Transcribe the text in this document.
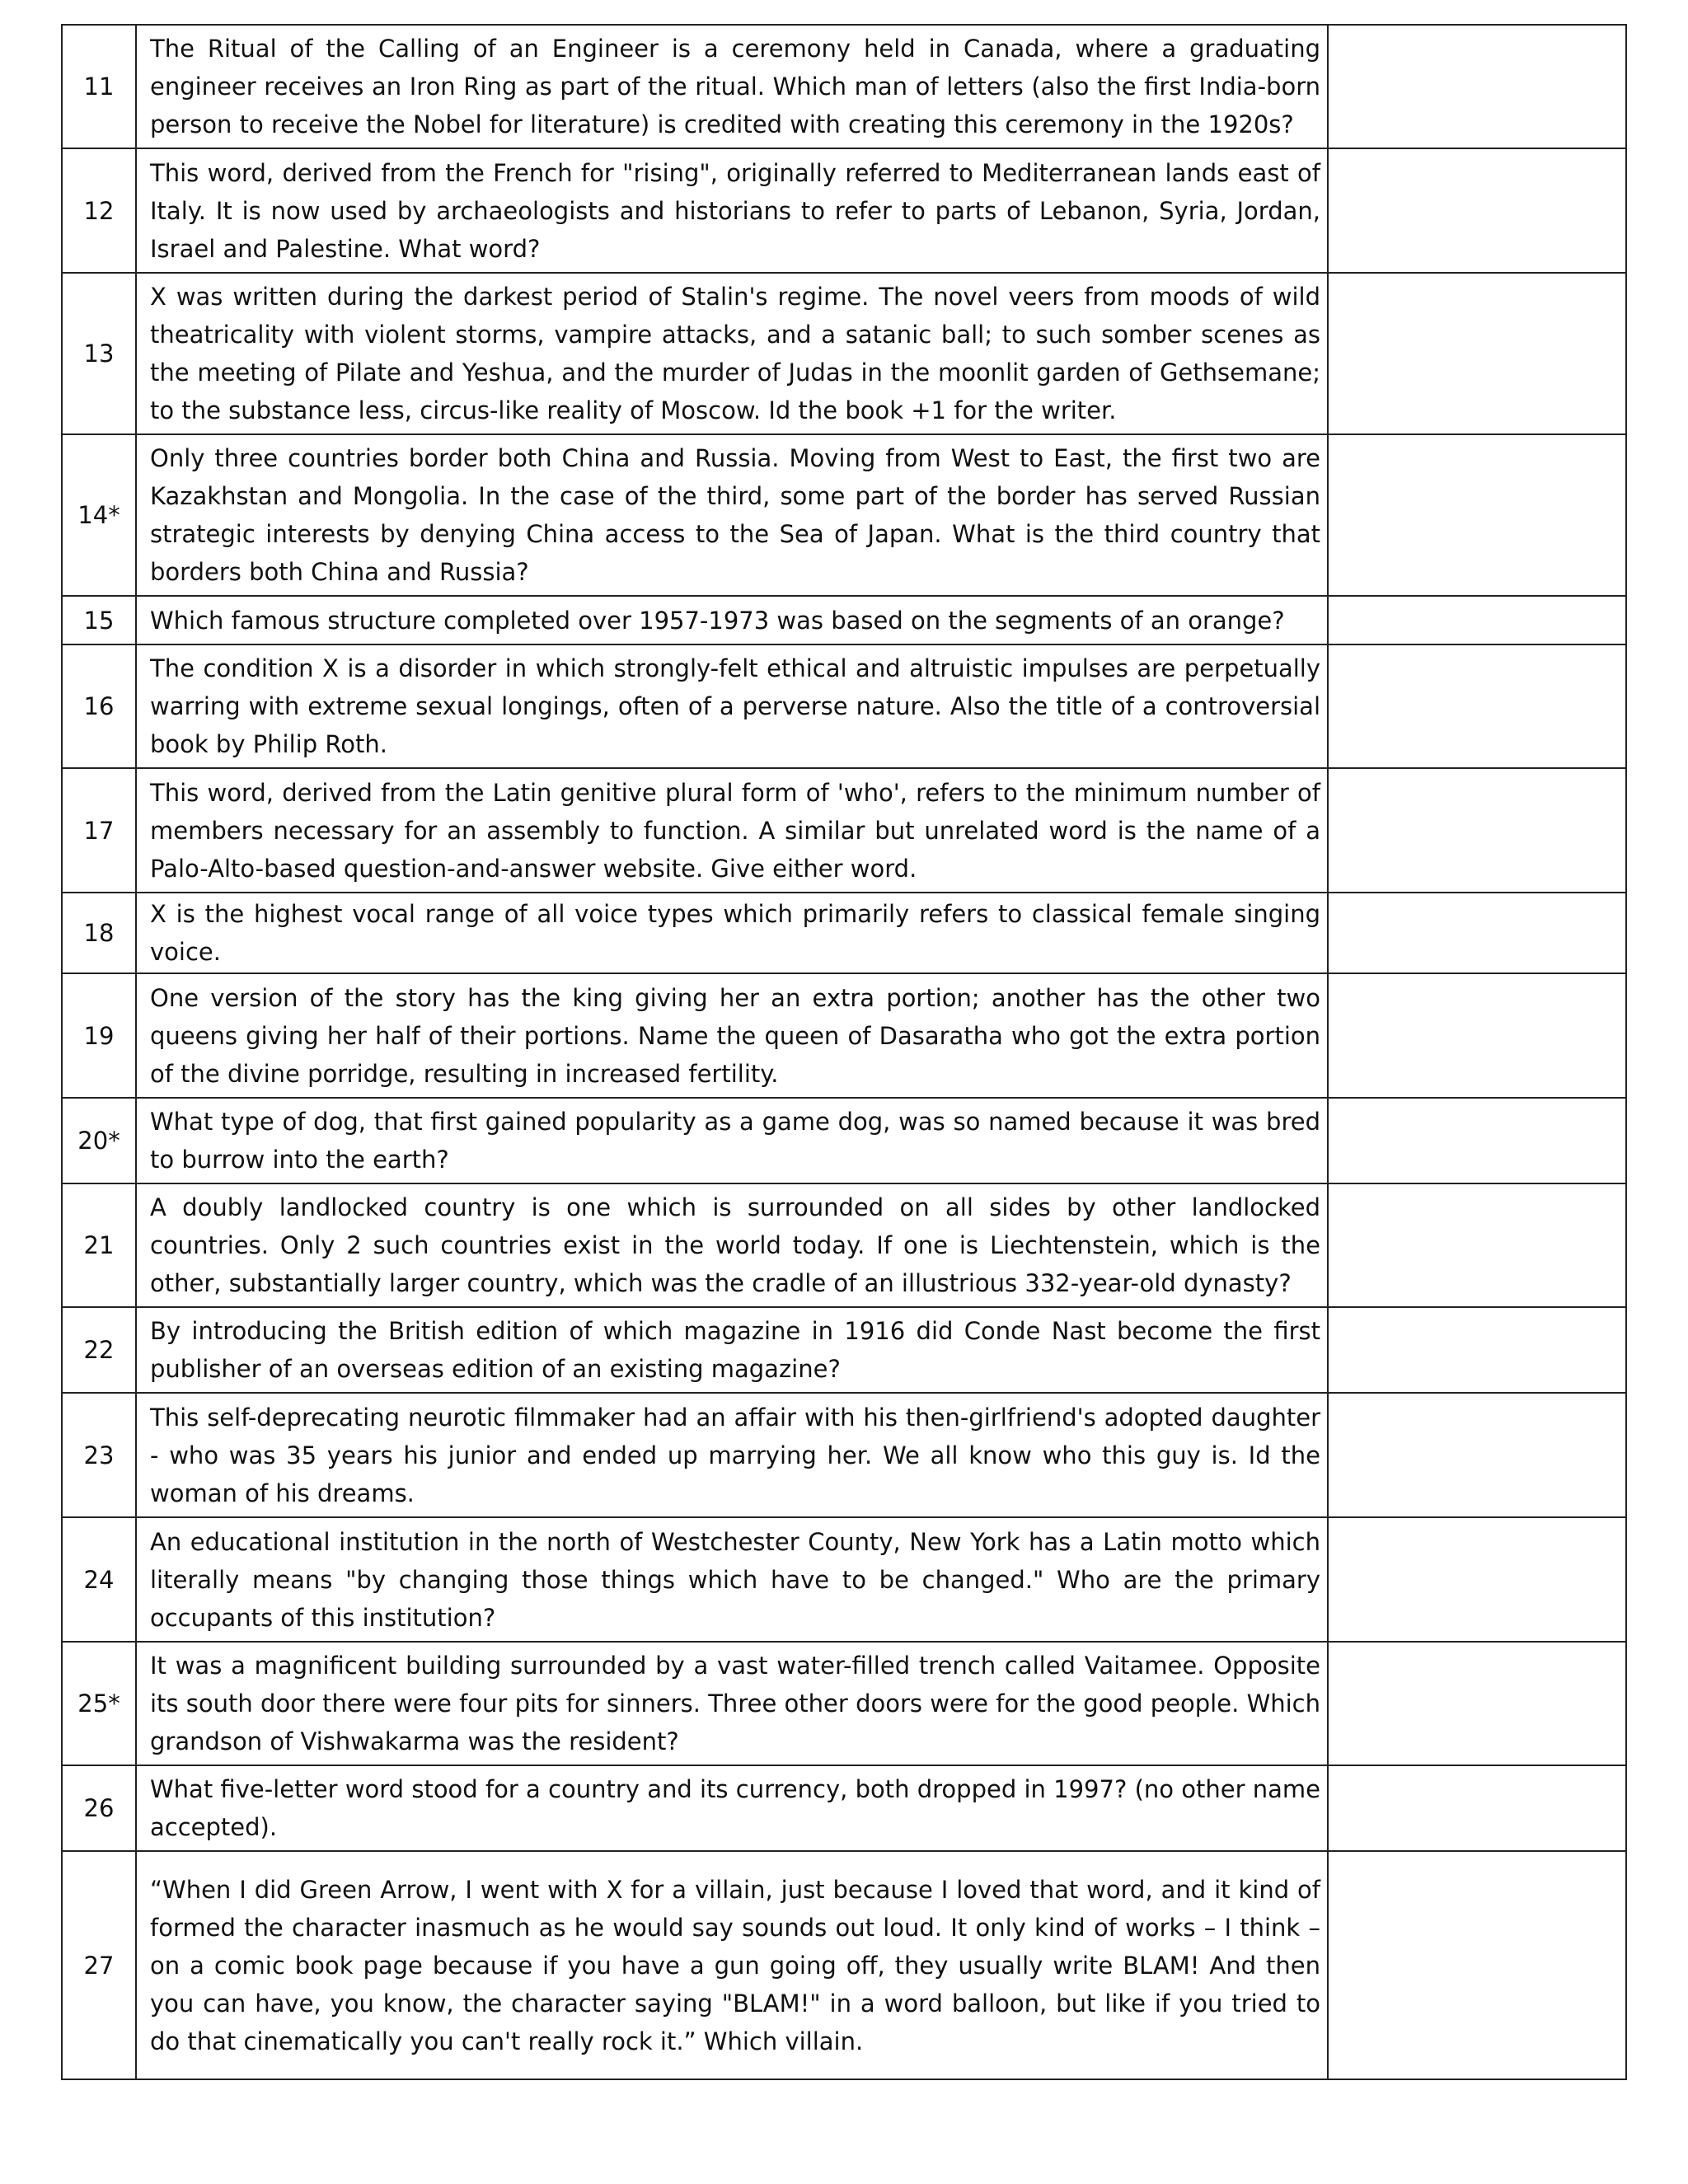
11	The Ritual of the Calling of an Engineer is a ceremony held in Canada, where a graduating engineer receives an Iron Ring as part of the ritual. Which man of letters (also the first India-born person to receive the Nobel for literature) is credited with creating this ceremony in the 1920s?	
12	This word, derived from the French for "rising", originally referred to Mediterranean lands east of Italy. It is now used by archaeologists and historians to refer to parts of Lebanon, Syria, Jordan, Israel and Palestine. What word?	
13	X was written during the darkest period of Stalin's regime. The novel veers from moods of wild theatricality with violent storms, vampire attacks, and a satanic ball; to such somber scenes as the meeting of Pilate and Yeshua, and the murder of Judas in the moonlit garden of Gethsemane; to the substance less, circus-like reality of Moscow. Id the book +1 for the writer.	
14*	Only three countries border both China and Russia. Moving from West to East, the first two are Kazakhstan and Mongolia. In the case of the third, some part of the border has served Russian strategic interests by denying China access to the Sea of Japan. What is the third country that borders both China and Russia?	
15	Which famous structure completed over 1957-1973 was based on the segments of an orange?	
16	The condition X is a disorder in which strongly-felt ethical and altruistic impulses are perpetually warring with extreme sexual longings, often of a perverse nature. Also the title of a controversial book by Philip Roth.	
17	This word, derived from the Latin genitive plural form of 'who', refers to the minimum number of members necessary for an assembly to function. A similar but unrelated word is the name of a Palo-Alto-based question-and-answer website. Give either word.	
18	X is the highest vocal range of all voice types which primarily refers to classical female singing voice.	
19	One version of the story has the king giving her an extra portion; another has the other two queens giving her half of their portions. Name the queen of Dasaratha who got the extra portion of the divine porridge, resulting in increased fertility.	
20*	What type of dog, that first gained popularity as a game dog, was so named because it was bred to burrow into the earth?	
21	A doubly landlocked country is one which is surrounded on all sides by other landlocked countries. Only 2 such countries exist in the world today. If one is Liechtenstein, which is the other, substantially larger country, which was the cradle of an illustrious 332-year-old dynasty?	
22	By introducing the British edition of which magazine in 1916 did Conde Nast become the first publisher of an overseas edition of an existing magazine?	
23	This self-deprecating neurotic filmmaker had an affair with his then-girlfriend's adopted daughter - who was 35 years his junior and ended up marrying her. We all know who this guy is. Id the woman of his dreams.	
24	An educational institution in the north of Westchester County, New York has a Latin motto which literally means "by changing those things which have to be changed." Who are the primary occupants of this institution?	
25*	It was a magnificent building surrounded by a vast water-filled trench called Vaitamee. Opposite its south door there were four pits for sinners. Three other doors were for the good people. Which grandson of Vishwakarma was the resident?	
26	What five-letter word stood for a country and its currency, both dropped in 1997? (no other name accepted).	
27	“When I did Green Arrow, I went with X for a villain, just because I loved that word, and it kind of formed the character inasmuch as he would say sounds out loud. It only kind of works – I think – on a comic book page because if you have a gun going off, they usually write BLAM! And then you can have, you know, the character saying "BLAM!" in a word balloon, but like if you tried to do that cinematically you can't really rock it.” Which villain.	
